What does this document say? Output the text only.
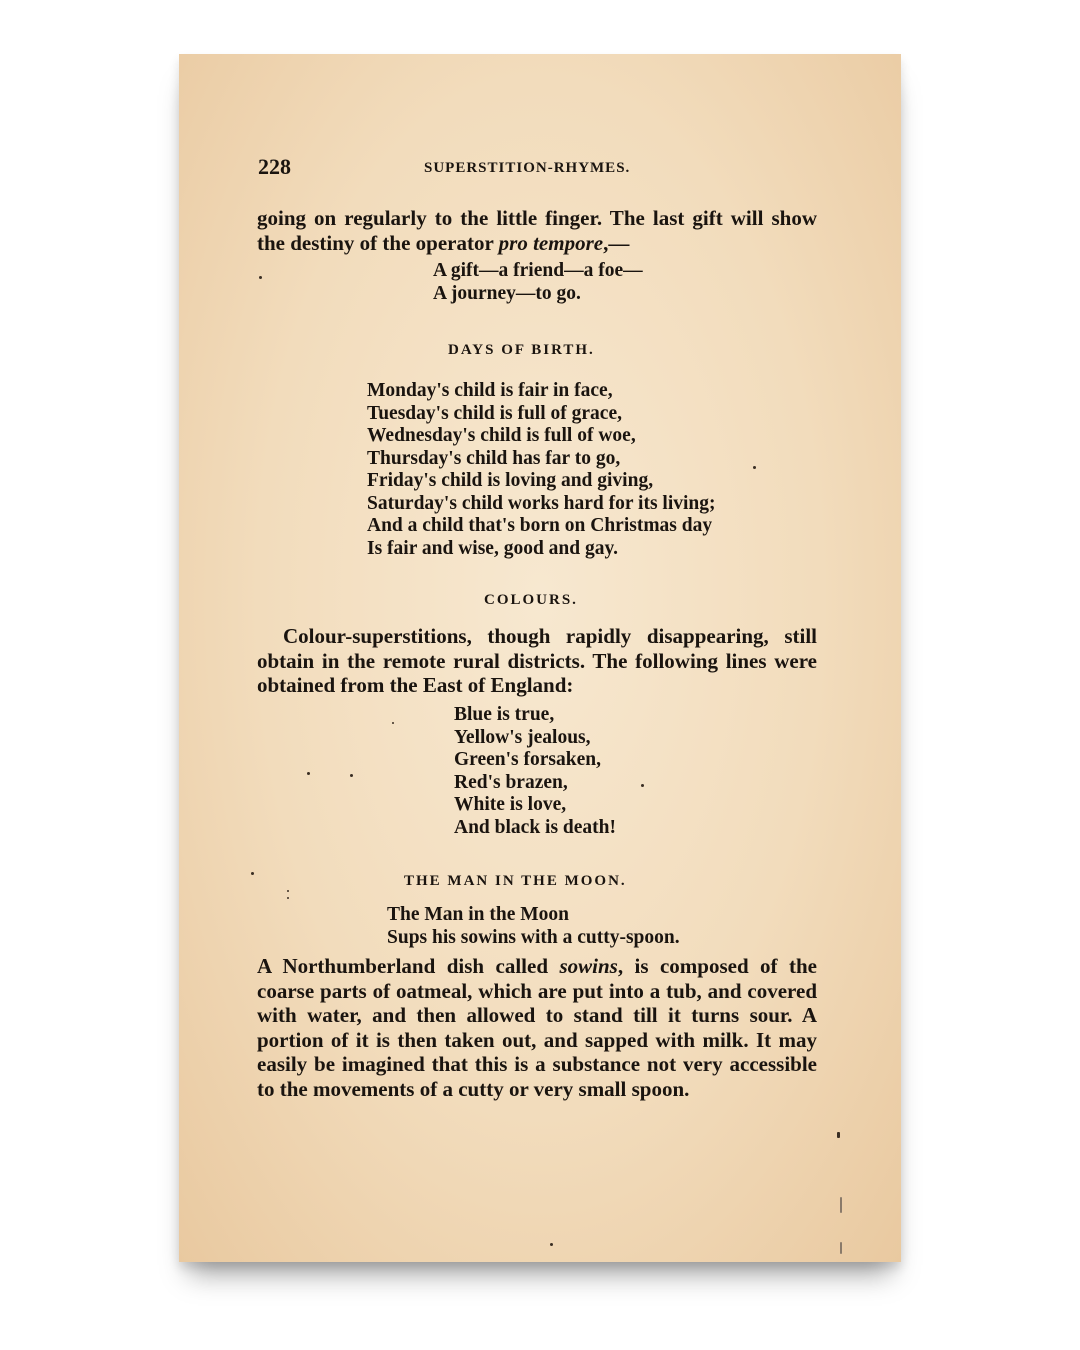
228	SUPERSTITION-RHYMES.
going on regularly to the little finger. The last gift will show the destiny of the operator pro tempore,—
A gift—a friend—a foe—
A journey—to go.
DAYS OF BIRTH.
Monday's child is fair in face,
Tuesday's child is full of grace,
Wednesday's child is full of woe,
Thursday's child has far to go,
Friday's child is loving and giving,
Saturday's child works hard for its living;
And a child that's born on Christmas day
Is fair and wise, good and gay.
COLOURS.
Colour-superstitions, though rapidly disappearing, still obtain in the remote rural districts. The following lines were obtained from the East of England:
Blue is true,
Yellow's jealous,
Green's forsaken,
Red's brazen,
White is love,
And black is death!
THE MAN IN THE MOON.
The Man in the Moon
Sups his sowins with a cutty-spoon.
A Northumberland dish called sowins, is composed of the coarse parts of oatmeal, which are put into a tub, and covered with water, and then allowed to stand till it turns sour. A portion of it is then taken out, and sapped with milk. It may easily be imagined that this is a substance not very accessible to the movements of a cutty or very small spoon.
